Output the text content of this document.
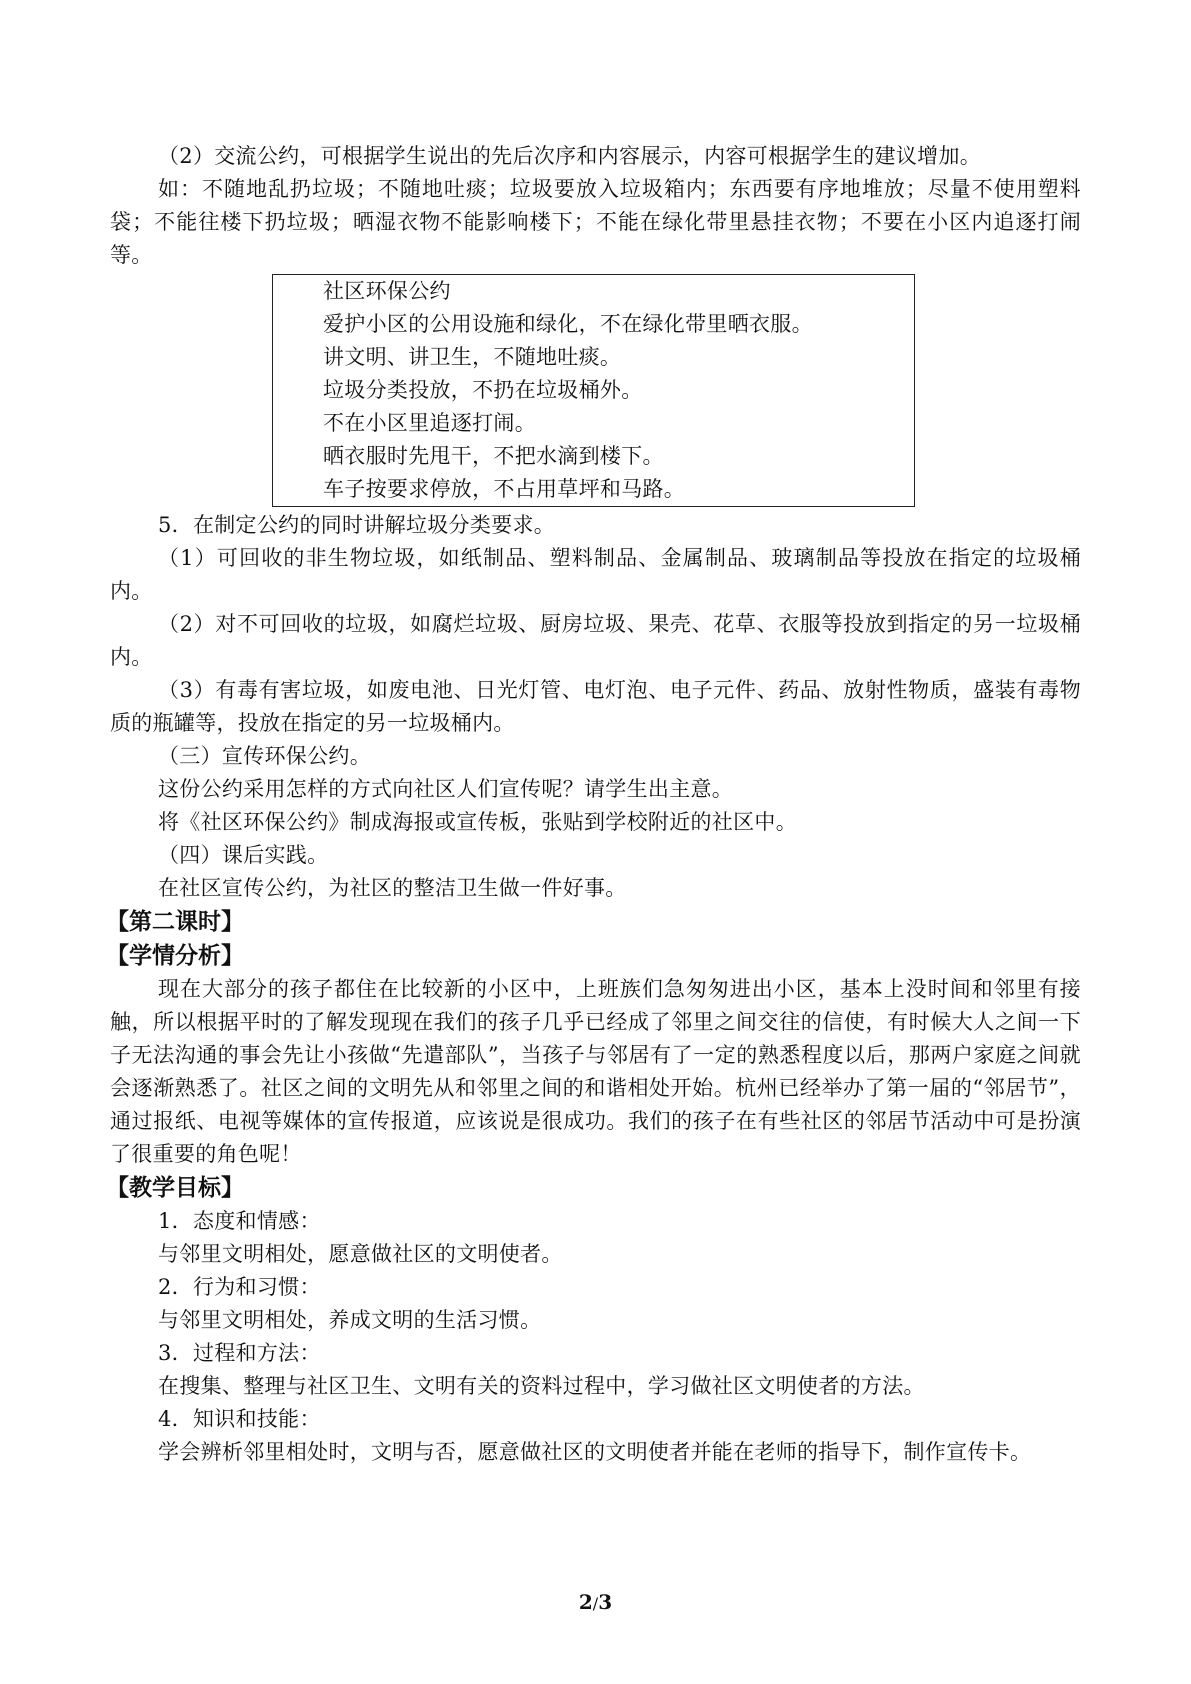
（2）交流公约，可根据学生说出的先后次序和内容展示，内容可根据学生的建议增加。
如：不随地乱扔垃圾；不随地吐痰；垃圾要放入垃圾箱内；东西要有序地堆放；尽量不使用塑料袋；不能往楼下扔垃圾；晒湿衣物不能影响楼下；不能在绿化带里悬挂衣物；不要在小区内追逐打闹等。
社区环保公约
爱护小区的公用设施和绿化，不在绿化带里晒衣服。
讲文明、讲卫生，不随地吐痰。
垃圾分类投放，不扔在垃圾桶外。
不在小区里追逐打闹。
晒衣服时先甩干，不把水滴到楼下。
车子按要求停放，不占用草坪和马路。
5．在制定公约的同时讲解垃圾分类要求。
（1）可回收的非生物垃圾，如纸制品、塑料制品、金属制品、玻璃制品等投放在指定的垃圾桶内。
（2）对不可回收的垃圾，如腐烂垃圾、厨房垃圾、果壳、花草、衣服等投放到指定的另一垃圾桶内。
（3）有毒有害垃圾，如废电池、日光灯管、电灯泡、电子元件、药品、放射性物质，盛装有毒物质的瓶罐等，投放在指定的另一垃圾桶内。
（三）宣传环保公约。
这份公约采用怎样的方式向社区人们宣传呢？请学生出主意。
将《社区环保公约》制成海报或宣传板，张贴到学校附近的社区中。
（四）课后实践。
在社区宣传公约，为社区的整洁卫生做一件好事。
【第二课时】
【学情分析】
现在大部分的孩子都住在比较新的小区中，上班族们急匆匆进出小区，基本上没时间和邻里有接触，所以根据平时的了解发现现在我们的孩子几乎已经成了邻里之间交往的信使，有时候大人之间一下子无法沟通的事会先让小孩做“先遣部队”，当孩子与邻居有了一定的熟悉程度以后，那两户家庭之间就会逐渐熟悉了。社区之间的文明先从和邻里之间的和谐相处开始。杭州已经举办了第一届的“邻居节”，通过报纸、电视等媒体的宣传报道，应该说是很成功。我们的孩子在有些社区的邻居节活动中可是扮演了很重要的角色呢！
【教学目标】
1．态度和情感：
与邻里文明相处，愿意做社区的文明使者。
2．行为和习惯：
与邻里文明相处，养成文明的生活习惯。
3．过程和方法：
在搜集、整理与社区卫生、文明有关的资料过程中，学习做社区文明使者的方法。
4．知识和技能：
学会辨析邻里相处时，文明与否，愿意做社区的文明使者并能在老师的指导下，制作宣传卡。
2/3
